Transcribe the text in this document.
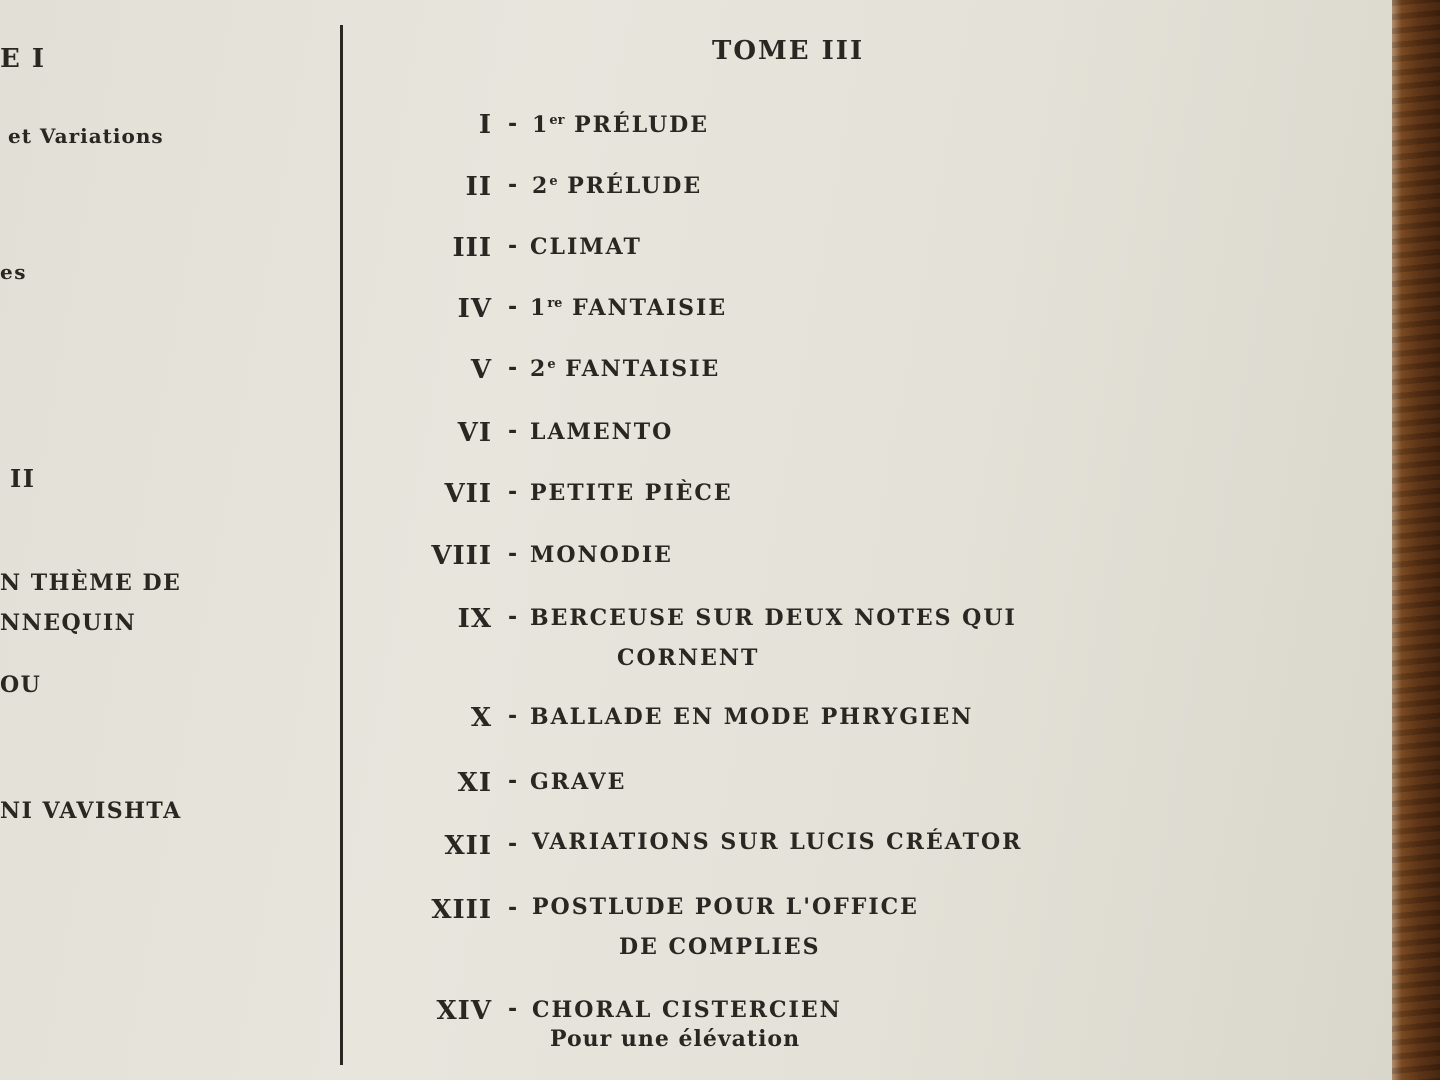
E I
et Variations
es
II
N THÈME DE
NNEQUIN
OU
NI VAVISHTA
TOME III
I - 1er PRÉLUDE
II - 2e PRÉLUDE
III - CLIMAT
IV - 1re FANTAISIE
V - 2e FANTAISIE
VI - LAMENTO
VII - PETITE PIÈCE
VIII - MONODIE
IX - BERCEUSE SUR DEUX NOTES QUI
CORNENT
X - BALLADE EN MODE PHRYGIEN
XI - GRAVE
XII - VARIATIONS SUR LUCIS CRÉATOR
XIII - POSTLUDE POUR L'OFFICE
DE COMPLIES
XIV - CHORAL CISTERCIEN
Pour une élévation
